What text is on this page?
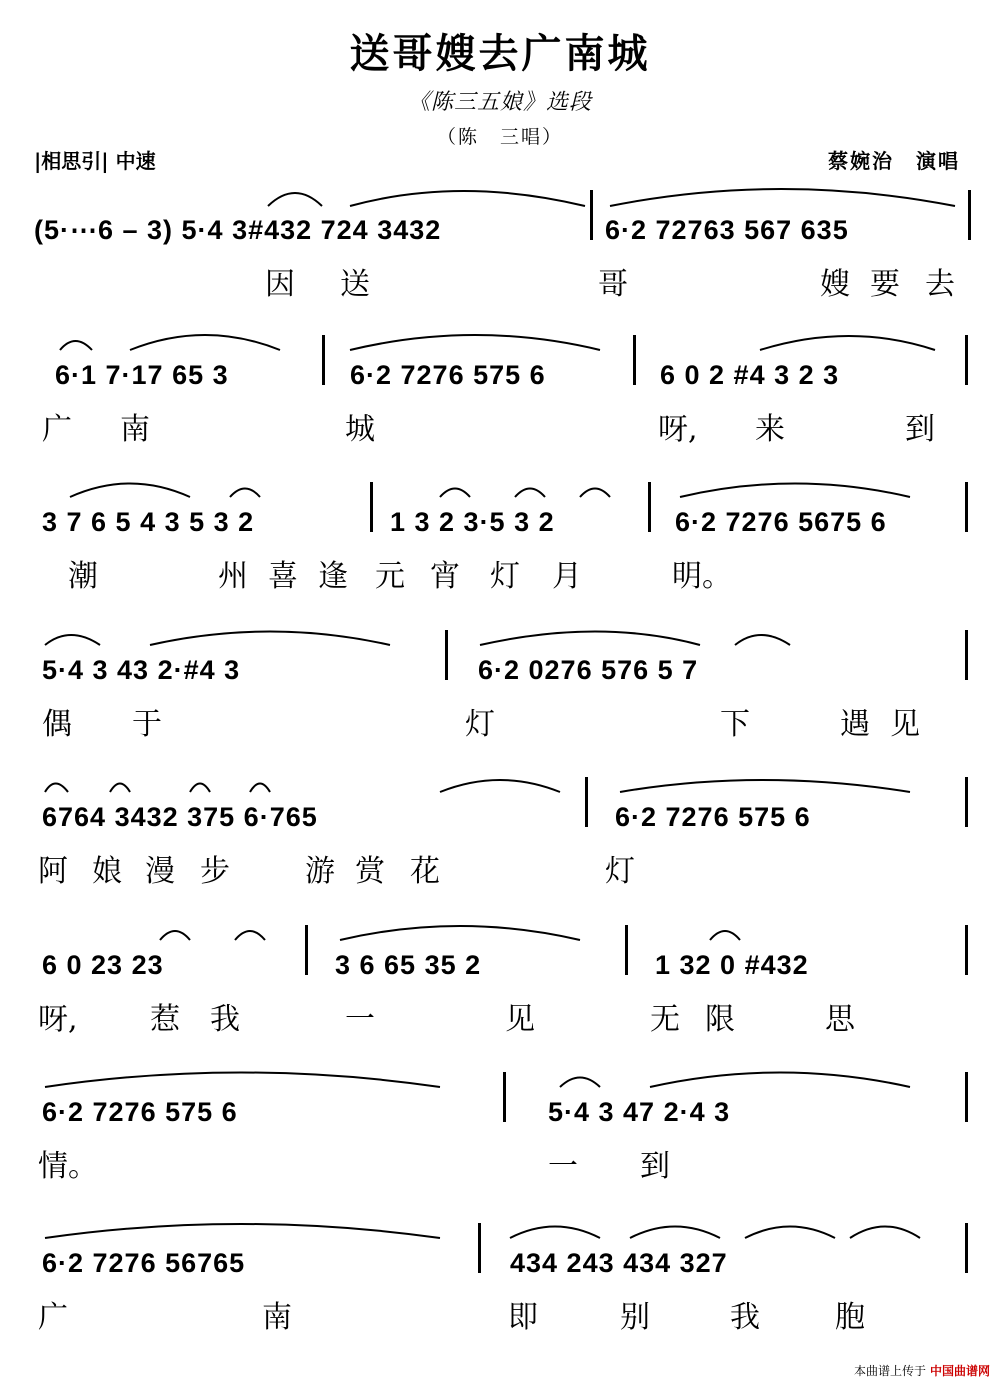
送哥嫂去广南城
《陈三五娘》选段
（陈　三唱）
|相思引| 中速	蔡婉治　演唱
(5·⋯6 – 3) 5·4 3#432 724 3432	6·2 72763 567 635
因 送	哥	嫂 要 去
6·1 7·17 65 3	6·2 7276 575 6	6 0 2 #4 3 2 3
广 南	城	呀, 来	到
3 7 6 5 4 3 5 3 2	1 3 2 3·5 3 2	6·2 7276 5675 6
潮	州 喜 逢 元 宵 灯 月	明。
5·4 3 43 2·#4 3	6·2 0276 576 5 7
偶 于	灯	下	遇 见
6764 3432 375 6·765	6·2 7276 575 6
阿 娘 漫 步	游 赏 花	灯
6 0 23 23	3 6 65 35 2	1 32 0 #432
呀, 惹 我	一	见	无 限	思
6·2 7276 575 6	5·4 3 47 2·4 3
情。	一 到
6·2 7276 56765	434 243 434 327
广	南	即	别	我	胞
本曲谱上传于 中国曲谱网
